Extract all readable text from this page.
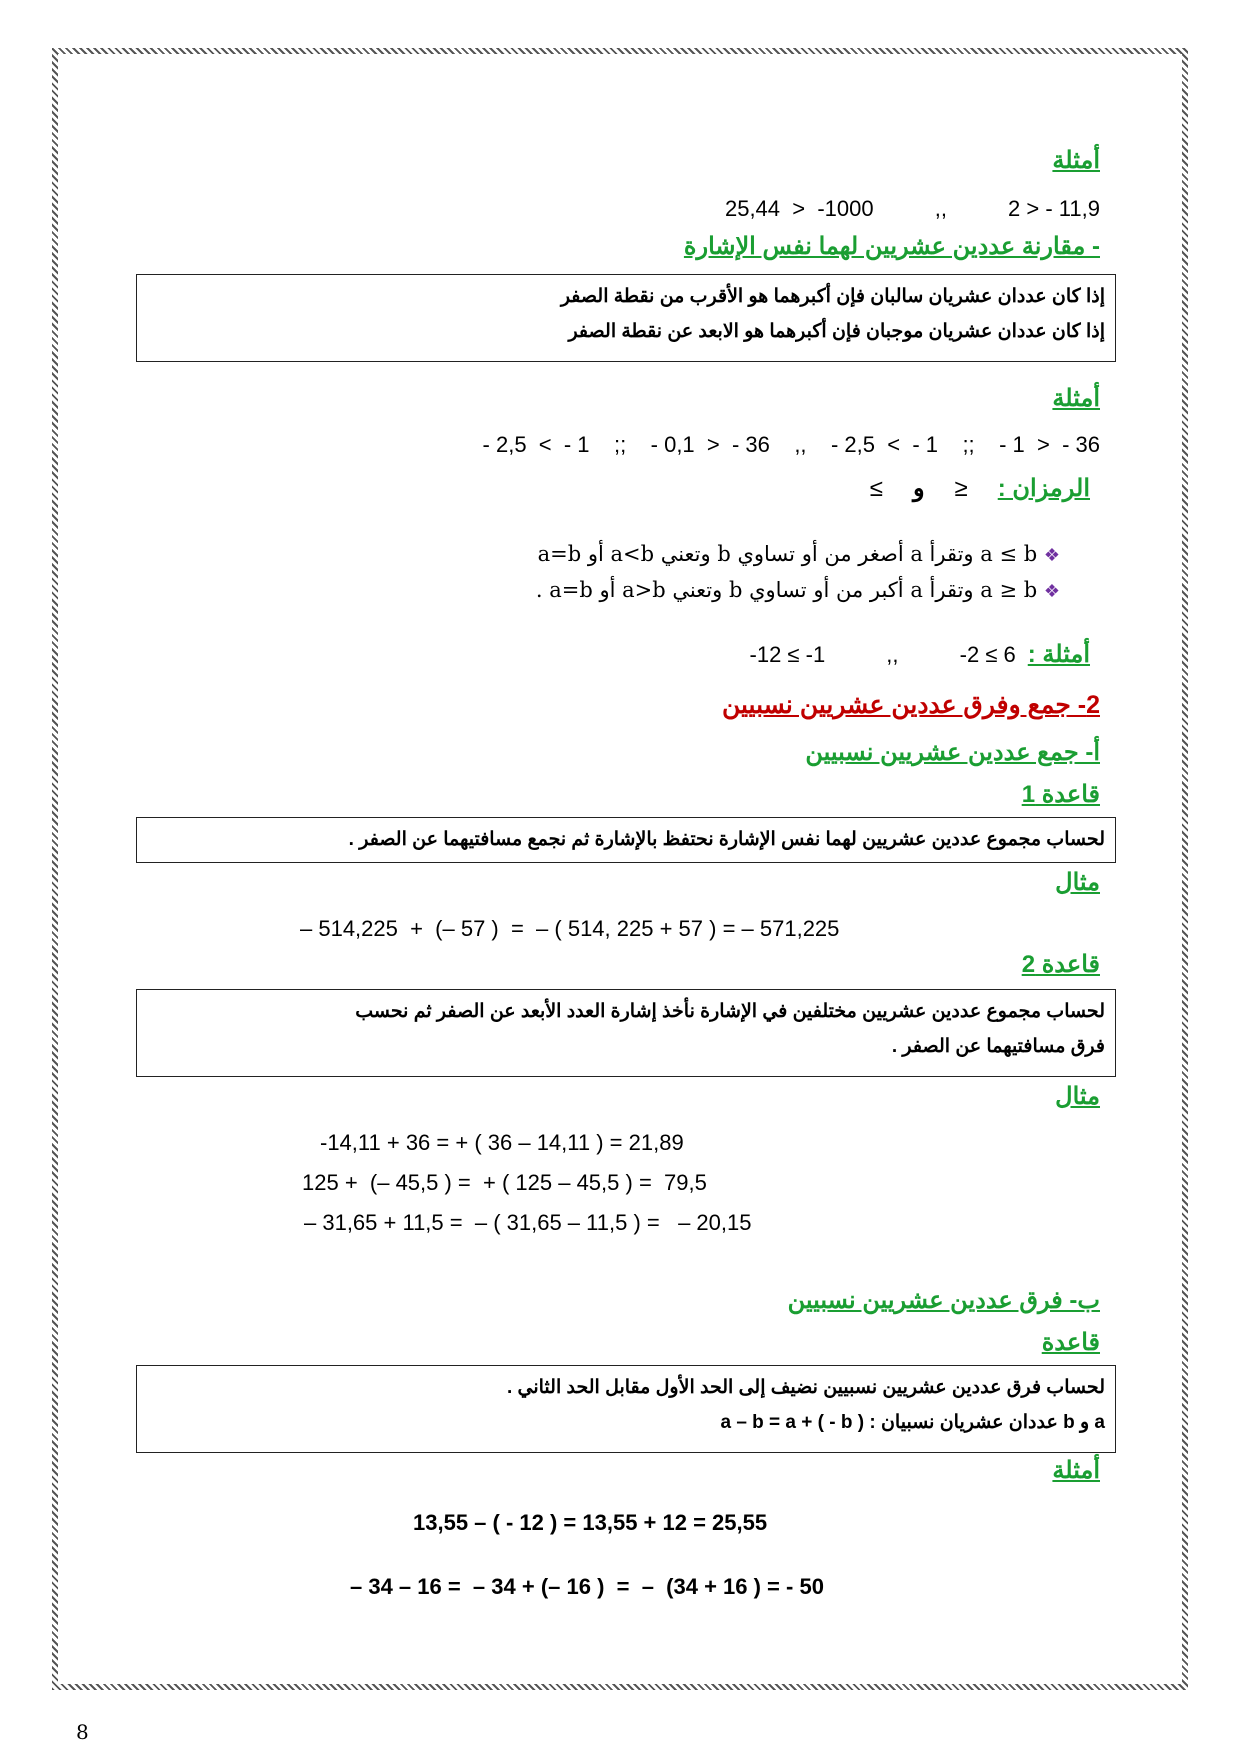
أمثلة
25,44  >  -1000          ,,          2 > - 11,9
- مقارنة عددين عشريين لهما نفس الإشارة
إذا كان عددان عشريان سالبان فإن أكبرهما هو الأقرب من نقطة الصفر
إذا كان عددان عشريان موجبان فإن أكبرهما هو الابعد عن نقطة الصفر
أمثلة
- 2,5  <  - 1    ;;    - 0,1  >  - 36    ,,    - 2,5  <  - 1    ;;    - 1  >  - 36
الرمزان :
≤
و
≥
❖ a ≤ b وتقرأ a أصغر من أو تساوي b وتعني a<b أو a=b
❖ a ≥ b وتقرأ a أكبر من أو تساوي b وتعني a>b أو a=b .
أمثلة :
-12 ≤ -1          ,,          -2 ≤ 6
2- جمع وفرق عددين عشريين نسبيين
أ- جمع عددين عشريين نسبيين
قاعدة 1
لحساب مجموع عددين عشريين لهما نفس الإشارة نحتفظ بالإشارة ثم نجمع مسافتيهما عن الصفر .
مثال
– 514,225  +  (– 57 )  =  – ( 514, 225 + 57 ) = – 571,225
قاعدة 2
لحساب مجموع عددين عشريين مختلفين في الإشارة نأخذ إشارة العدد الأبعد عن الصفر ثم نحسب
فرق مسافتيهما عن الصفر .
مثال
-14,11 + 36 = + ( 36 – 14,11 ) = 21,89
125 +  (– 45,5 ) =  + ( 125 – 45,5 ) =  79,5
– 31,65 + 11,5 =  – ( 31,65 – 11,5 ) =   – 20,15
ب- فرق عددين عشريين نسبيين
قاعدة
لحساب فرق عددين عشريين نسبيين نضيف إلى الحد الأول مقابل الحد الثاني .
a و b عددان عشريان نسبيان : a – b = a + ( - b )
أمثلة
13,55 – ( - 12 ) = 13,55 + 12 = 25,55
– 34 – 16 =  – 34 + (– 16 )  =  –  (34 + 16 ) = - 50
8
